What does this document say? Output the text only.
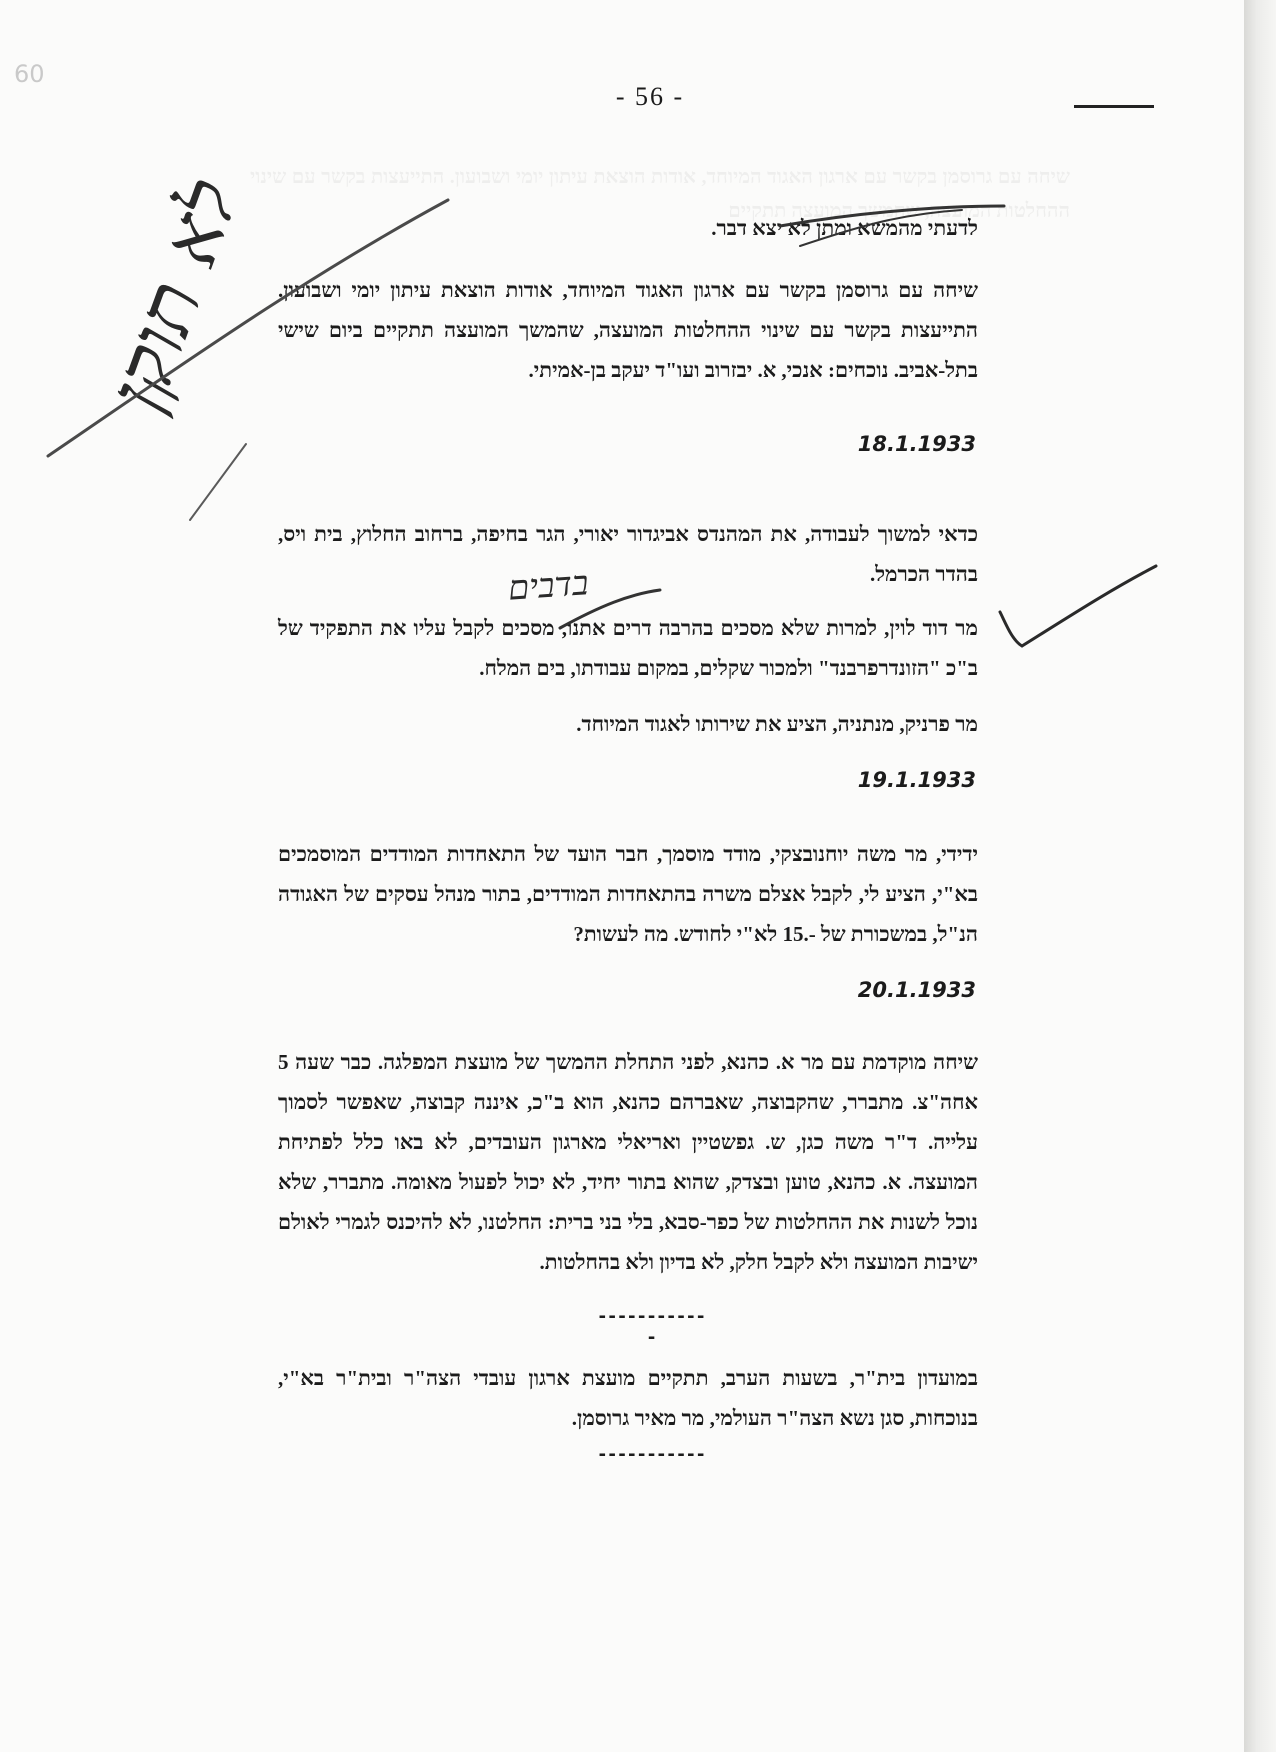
שיחה עם גרוסמן בקשר עם ארגון האגוד המיוחד, אודות הוצאת עיתון יומי ושבועון. התייעצות בקשר עם שינוי ההחלטות המועצה, שהמשך המועצה תתקיים
60
- 56 -
לדעתי מהמשא ומתן לא יצא דבר.
שיחה עם גרוסמן בקשר עם ארגון האגוד המיוחד, אודות הוצאת עיתון יומי ושבועון. התייעצות בקשר עם שינוי ההחלטות המועצה, שהמשך המועצה תתקיים ביום שישי בתל-אביב. נוכחים: אנכי, א. יבזרוב ועו"ד יעקב בן-אמיתי.
18.1.1933
כדאי למשוך לעבודה, את המהנדס אביגדור יאורי, הגר בחיפה, ברחוב החלוץ, בית ויס, בהדר הכרמל.
מר דוד לוין, למרות שלא מסכים בהרבה דרים אתנו, מסכים לקבל עליו את התפקיד של ב"כ "הזונדרפרבנד" ולמכור שקלים, במקום עבודתו, בים המלח.
מר פרניק, מנתניה, הציע את שירותו לאגוד המיוחד.
19.1.1933
ידידי, מר משה יוחנובצקי, מודד מוסמך, חבר הועד של התאחדות המודדים המוסמכים בא"י, הציע לי, לקבל אצלם משרה בהתאחדות המודדים, בתור מנהל עסקים של האגודה הנ"ל, במשכורת של -.15 לא"י לחודש. מה לעשות?
20.1.1933
שיחה מוקדמת עם מר א. כהנא, לפני התחלת ההמשך של מועצת המפלגה. כבר שעה 5 אחה"צ. מתברר, שהקבוצה, שאברהם כהנא, הוא ב"כ, איננה קבוצה, שאפשר לסמוך עלייה. ד"ר משה כגן, ש. גפשטיין ואריאלי מארגון העובדים, לא באו כלל לפתיחת המועצה. א. כהנא, טוען ובצדק, שהוא בתור יחיד, לא יכול לפעול מאומה. מתברר, שלא נוכל לשנות את ההחלטות של כפר-סבא, בלי בני ברית: החלטנו, לא להיכנס לגמרי לאולם ישיבות המועצה ולא לקבל חלק, לא בדיון ולא בהחלטות.
------------
במועדון בית"ר, בשעות הערב, תתקיים מועצת ארגון עובדי הצה"ר ובית"ר בא"י, בנוכחות, סגן נשא הצה"ר העולמי, מר מאיר גרוסמן.
-----------
לא תוקן
בדבים
